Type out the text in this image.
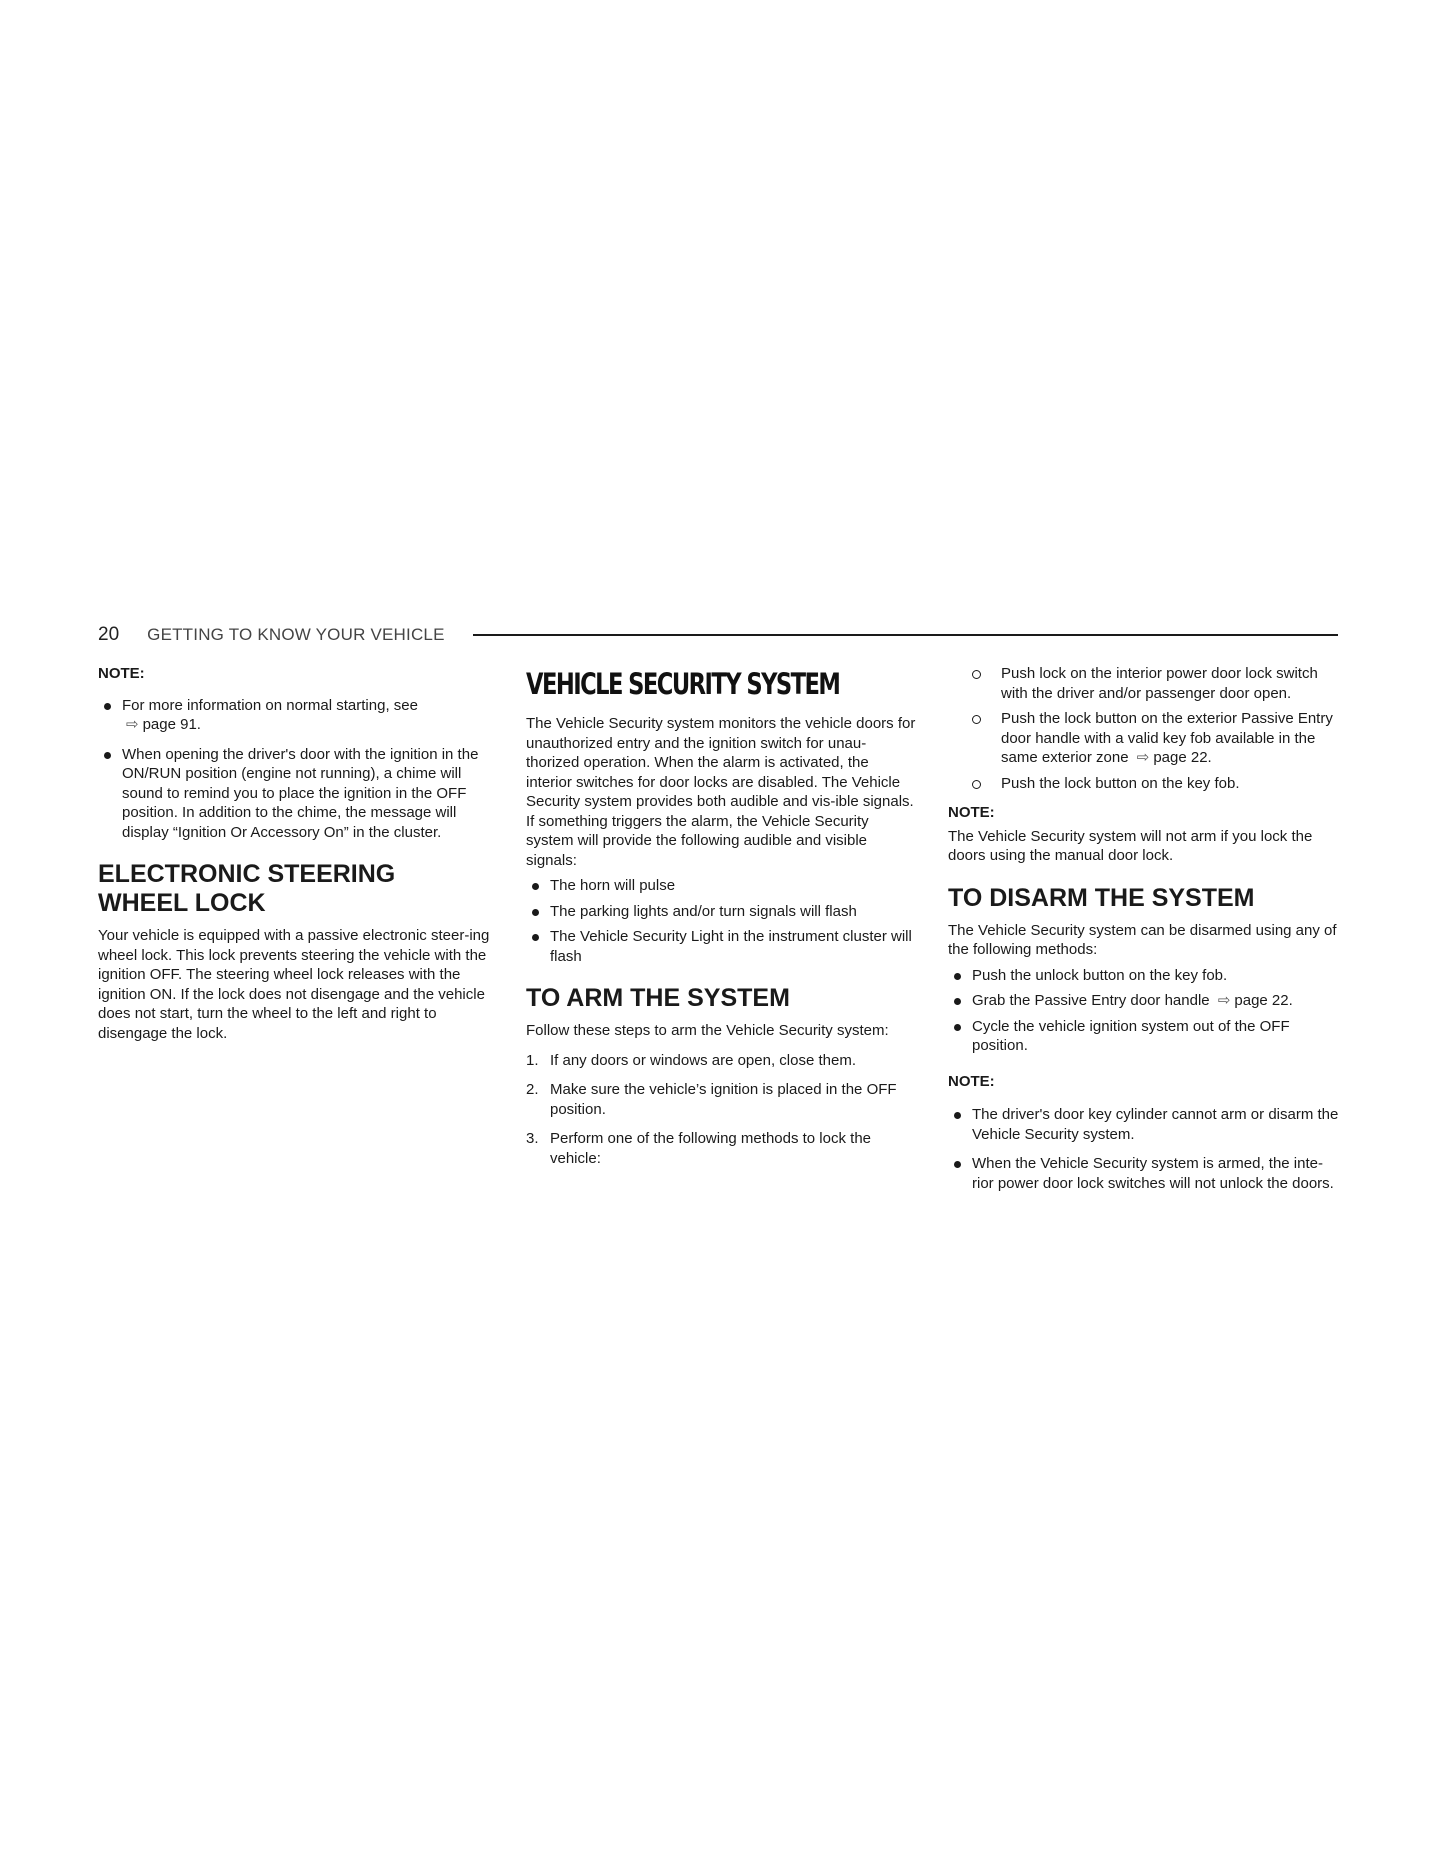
20 GETTING TO KNOW YOUR VEHICLE
NOTE:
For more information on normal starting, see
⇨ page 91.
When opening the driver's door with the ignition in the ON/RUN position (engine not running), a chime will sound to remind you to place the ignition in the OFF position. In addition to the chime, the message will display “Ignition Or Accessory On” in the cluster.
ELECTRONIC STEERING WHEEL LOCK

Your vehicle is equipped with a passive electronic steer-ing wheel lock. This lock prevents steering the vehicle with the ignition OFF. The steering wheel lock releases with the ignition ON. If the lock does not disengage and the vehicle does not start, turn the wheel to the left and right to disengage the lock.

VEHICLE SECURITY SYSTEM

The Vehicle Security system monitors the vehicle doors for unauthorized entry and the ignition switch for unau-thorized operation. When the alarm is activated, the interior switches for door locks are disabled. The Vehicle Security system provides both audible and vis-ible signals. If something triggers the alarm, the Vehicle Security system will provide the following audible and visible signals:

The horn will pulse
The parking lights and/or turn signals will flash
The Vehicle Security Light in the instrument cluster will flash
TO ARM THE SYSTEM

Follow these steps to arm the Vehicle Security system:

1. If any doors or windows are open, close them.
2. Make sure the vehicle’s ignition is placed in the OFF position.
3. Perform one of the following methods to lock the vehicle:
Push lock on the interior power door lock switch with the driver and/or passenger door open.
Push the lock button on the exterior Passive Entry door handle with a valid key fob available in the same exterior zone ⇨ page 22.
Push the lock button on the key fob.
NOTE:

The Vehicle Security system will not arm if you lock the doors using the manual door lock.

TO DISARM THE SYSTEM

The Vehicle Security system can be disarmed using any of the following methods:

Push the unlock button on the key fob.
Grab the Passive Entry door handle ⇨ page 22.
Cycle the vehicle ignition system out of the OFF position.
NOTE:
The driver's door key cylinder cannot arm or disarm the Vehicle Security system.
When the Vehicle Security system is armed, the inte-rior power door lock switches will not unlock the doors.
